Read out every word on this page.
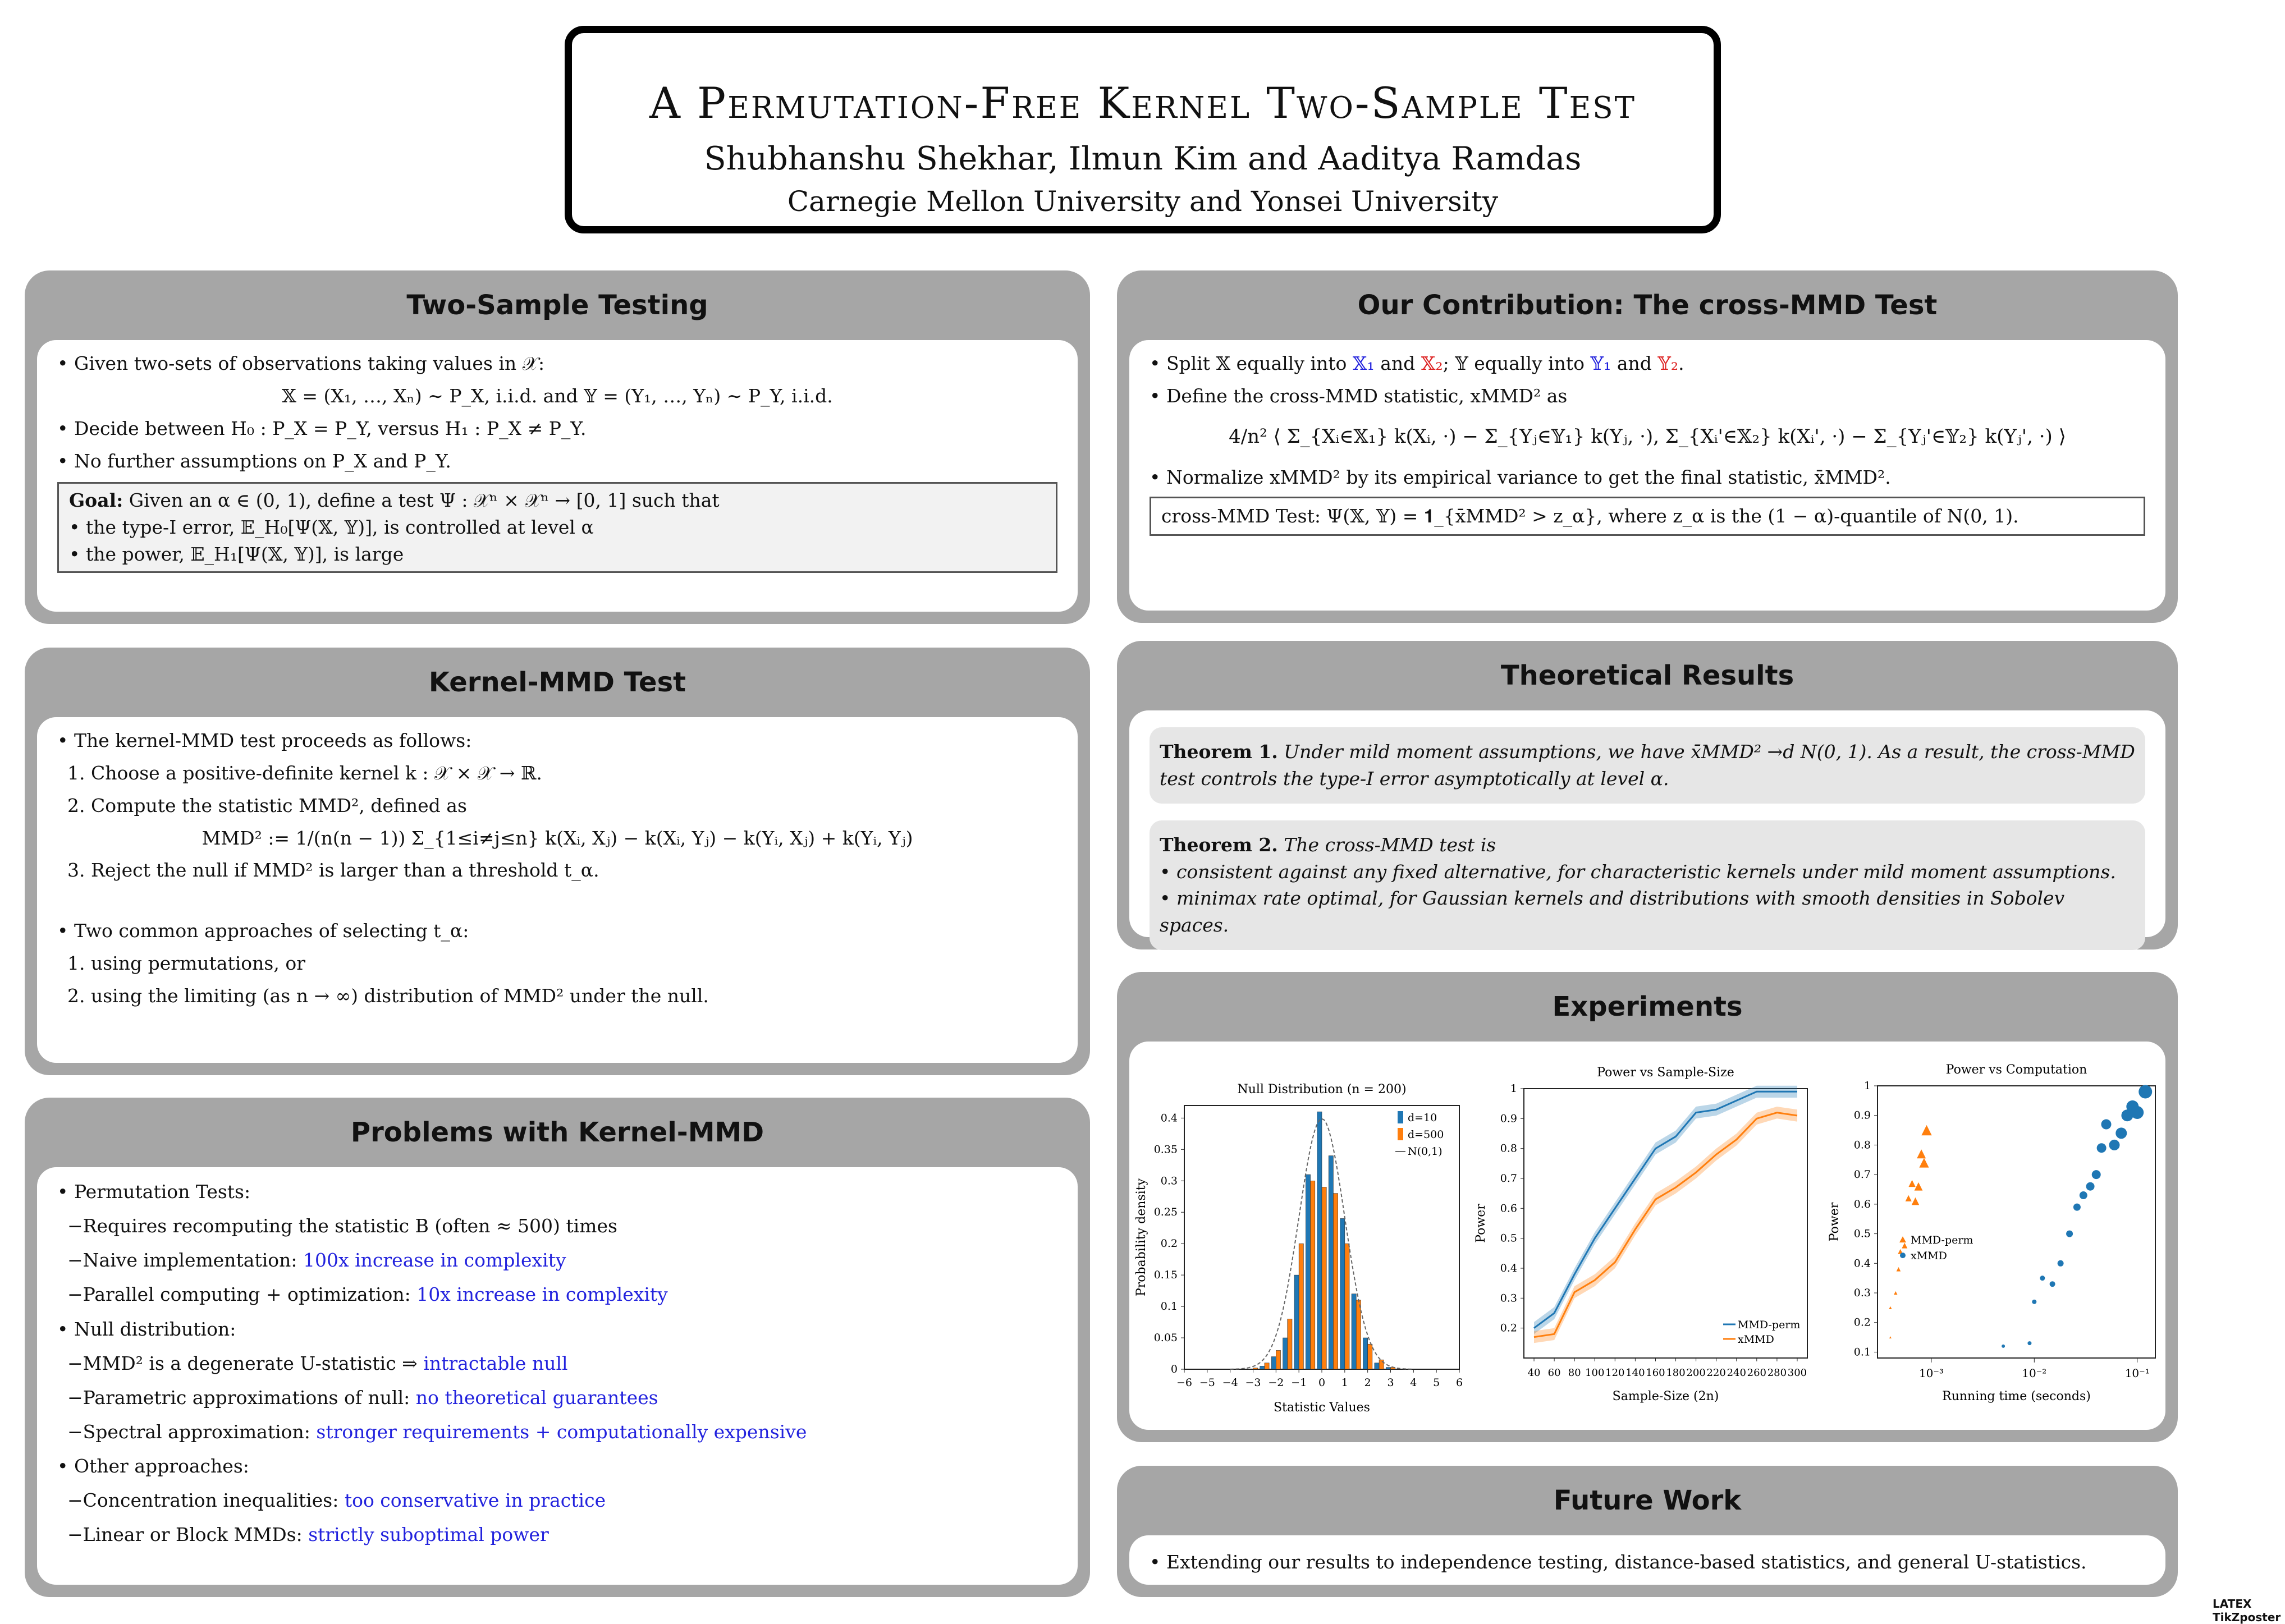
A Permutation-Free Kernel Two-Sample Test
Shubhanshu Shekhar, Ilmun Kim and Aaditya Ramdas
Carnegie Mellon University and Yonsei University
Two-Sample Testing

• Given two-sets of observations taking values in 𝒳:

𝕏 = (X₁, …, Xₙ) ∼ P_X, i.i.d. and 𝕐 = (Y₁, …, Yₙ) ∼ P_Y, i.i.d.

• Decide between H₀ : P_X = P_Y, versus H₁ : P_X ≠ P_Y.

• No further assumptions on P_X and P_Y.

Goal: Given an α ∈ (0, 1), define a test Ψ : 𝒳ⁿ × 𝒳ⁿ → [0, 1] such that
• the type-I error, 𝔼_H₀[Ψ(𝕏, 𝕐)], is controlled at level α
• the power, 𝔼_H₁[Ψ(𝕏, 𝕐)], is large
Kernel-MMD Test

• The kernel-MMD test proceeds as follows:

1. Choose a positive-definite kernel k : 𝒳 × 𝒳 → ℝ.

2. Compute the statistic MMD², defined as

MMD² := 1/(n(n − 1)) Σ_{1≤i≠j≤n} k(Xᵢ, Xⱼ) − k(Xᵢ, Yⱼ) − k(Yᵢ, Xⱼ) + k(Yᵢ, Yⱼ)

3. Reject the null if MMD² is larger than a threshold t_α.

• Two common approaches of selecting t_α:

1. using permutations, or

2. using the limiting (as n → ∞) distribution of MMD² under the null.

Problems with Kernel-MMD

• Permutation Tests:

−Requires recomputing the statistic B (often ≈ 500) times

−Naive implementation: 100x increase in complexity

−Parallel computing + optimization: 10x increase in complexity

• Null distribution:

−MMD² is a degenerate U-statistic ⇒ intractable null

−Parametric approximations of null: no theoretical guarantees

−Spectral approximation: stronger requirements + computationally expensive

• Other approaches:

−Concentration inequalities: too conservative in practice

−Linear or Block MMDs: strictly suboptimal power

Our Contribution: The cross-MMD Test

• Split 𝕏 equally into 𝕏₁ and 𝕏₂; 𝕐 equally into 𝕐₁ and 𝕐₂.

• Define the cross-MMD statistic, xMMD² as

4/n² ⟨ Σ_{Xᵢ∈𝕏₁} k(Xᵢ, ·) − Σ_{Yⱼ∈𝕐₁} k(Yⱼ, ·), Σ_{Xᵢ'∈𝕏₂} k(Xᵢ', ·) − Σ_{Yⱼ'∈𝕐₂} k(Yⱼ', ·) ⟩

• Normalize xMMD² by its empirical variance to get the final statistic, x̄MMD².

cross-MMD Test: Ψ(𝕏, 𝕐) = 𝟏_{x̄MMD² > z_α}, where z_α is the (1 − α)-quantile of N(0, 1).
Theoretical Results
Theorem 1. Under mild moment assumptions, we have x̄MMD² →d N(0, 1). As a result, the cross-MMD test controls the type-I error asymptotically at level α.
Theorem 2. The cross-MMD test is
• consistent against any fixed alternative, for characteristic kernels under mild moment assumptions.
• minimax rate optimal, for Gaussian kernels and distributions with smooth densities in Sobolev spaces.
Experiments
Null Distribution (n = 200)
Statistic Values
Probability density
−6 −5 −4 −3 −2 −1 0 1 2 3 4 5 6
0
0.05
0.1
0.15
0.2
0.25
0.3
0.35
0.4	d=10
d=500
N(0,1)
Power vs Sample-Size
Sample-Size (2n)
Power
40 60 80 100 120 140 160 180 200 220 240 260 280 300
0.2
0.3
0.4
0.5
0.6
0.7
0.8
0.9
1
MMD-perm
xMMD
Power vs Computation
Running time (seconds)
Power
10⁻³	10⁻²	10⁻¹
0.1
0.2
0.3
0.4
0.5
0.6
0.7
0.8
0.9
1
MMD-perm
xMMD
Future Work

• Extending our results to independence testing, distance-based statistics, and general U-statistics.

LATEX TikZposter
